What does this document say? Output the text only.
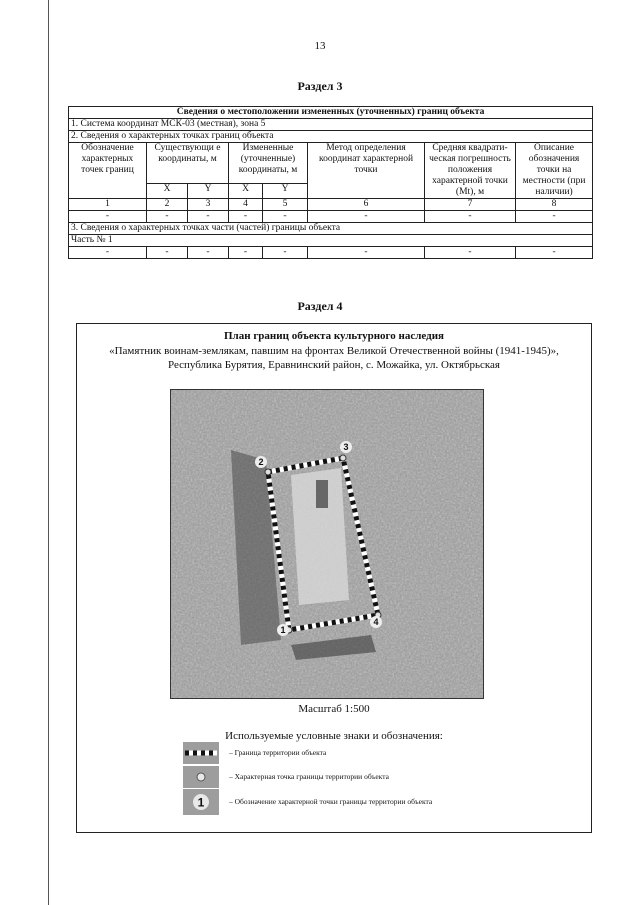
13
Раздел 3
Сведения о местоположении измененных (уточненных) границ объекта							
1. Система координат МСК-03 (местная), зона 5							
2. Сведения о характерных точках границ объекта							
Обозначение характерных точек границ	Существующи е координаты, м		Измененные (уточненные) координаты, м		Метод определения координат характерной точки	Средняя квадрати-ческая погрешность положения характерной точки (Mt), м	Описание обозначения точки на местности (при наличии)
	X	Y	X	Y			
1	2	3	4	5	6	7	8
-	-	-	-	-	-	-	-
3. Сведения о характерных точках части (частей) границы объекта							
Часть № 1							
-	-	-	-	-	-	-	-
Раздел 4
План границ объекта культурного наследия
«Памятник воинам-землякам, павшим на фронтах Великой Отечественной войны (1941-1945)»,
Республика Бурятия, Еравнинский район, с. Можайка, ул. Октябрьская
1
2
3
4
Масштаб 1:500
Используемые условные знаки и обозначения:
– Граница территории объекта
– Характерная точка границы территории объекта
1	– Обозначение характерной точки границы территории объекта
